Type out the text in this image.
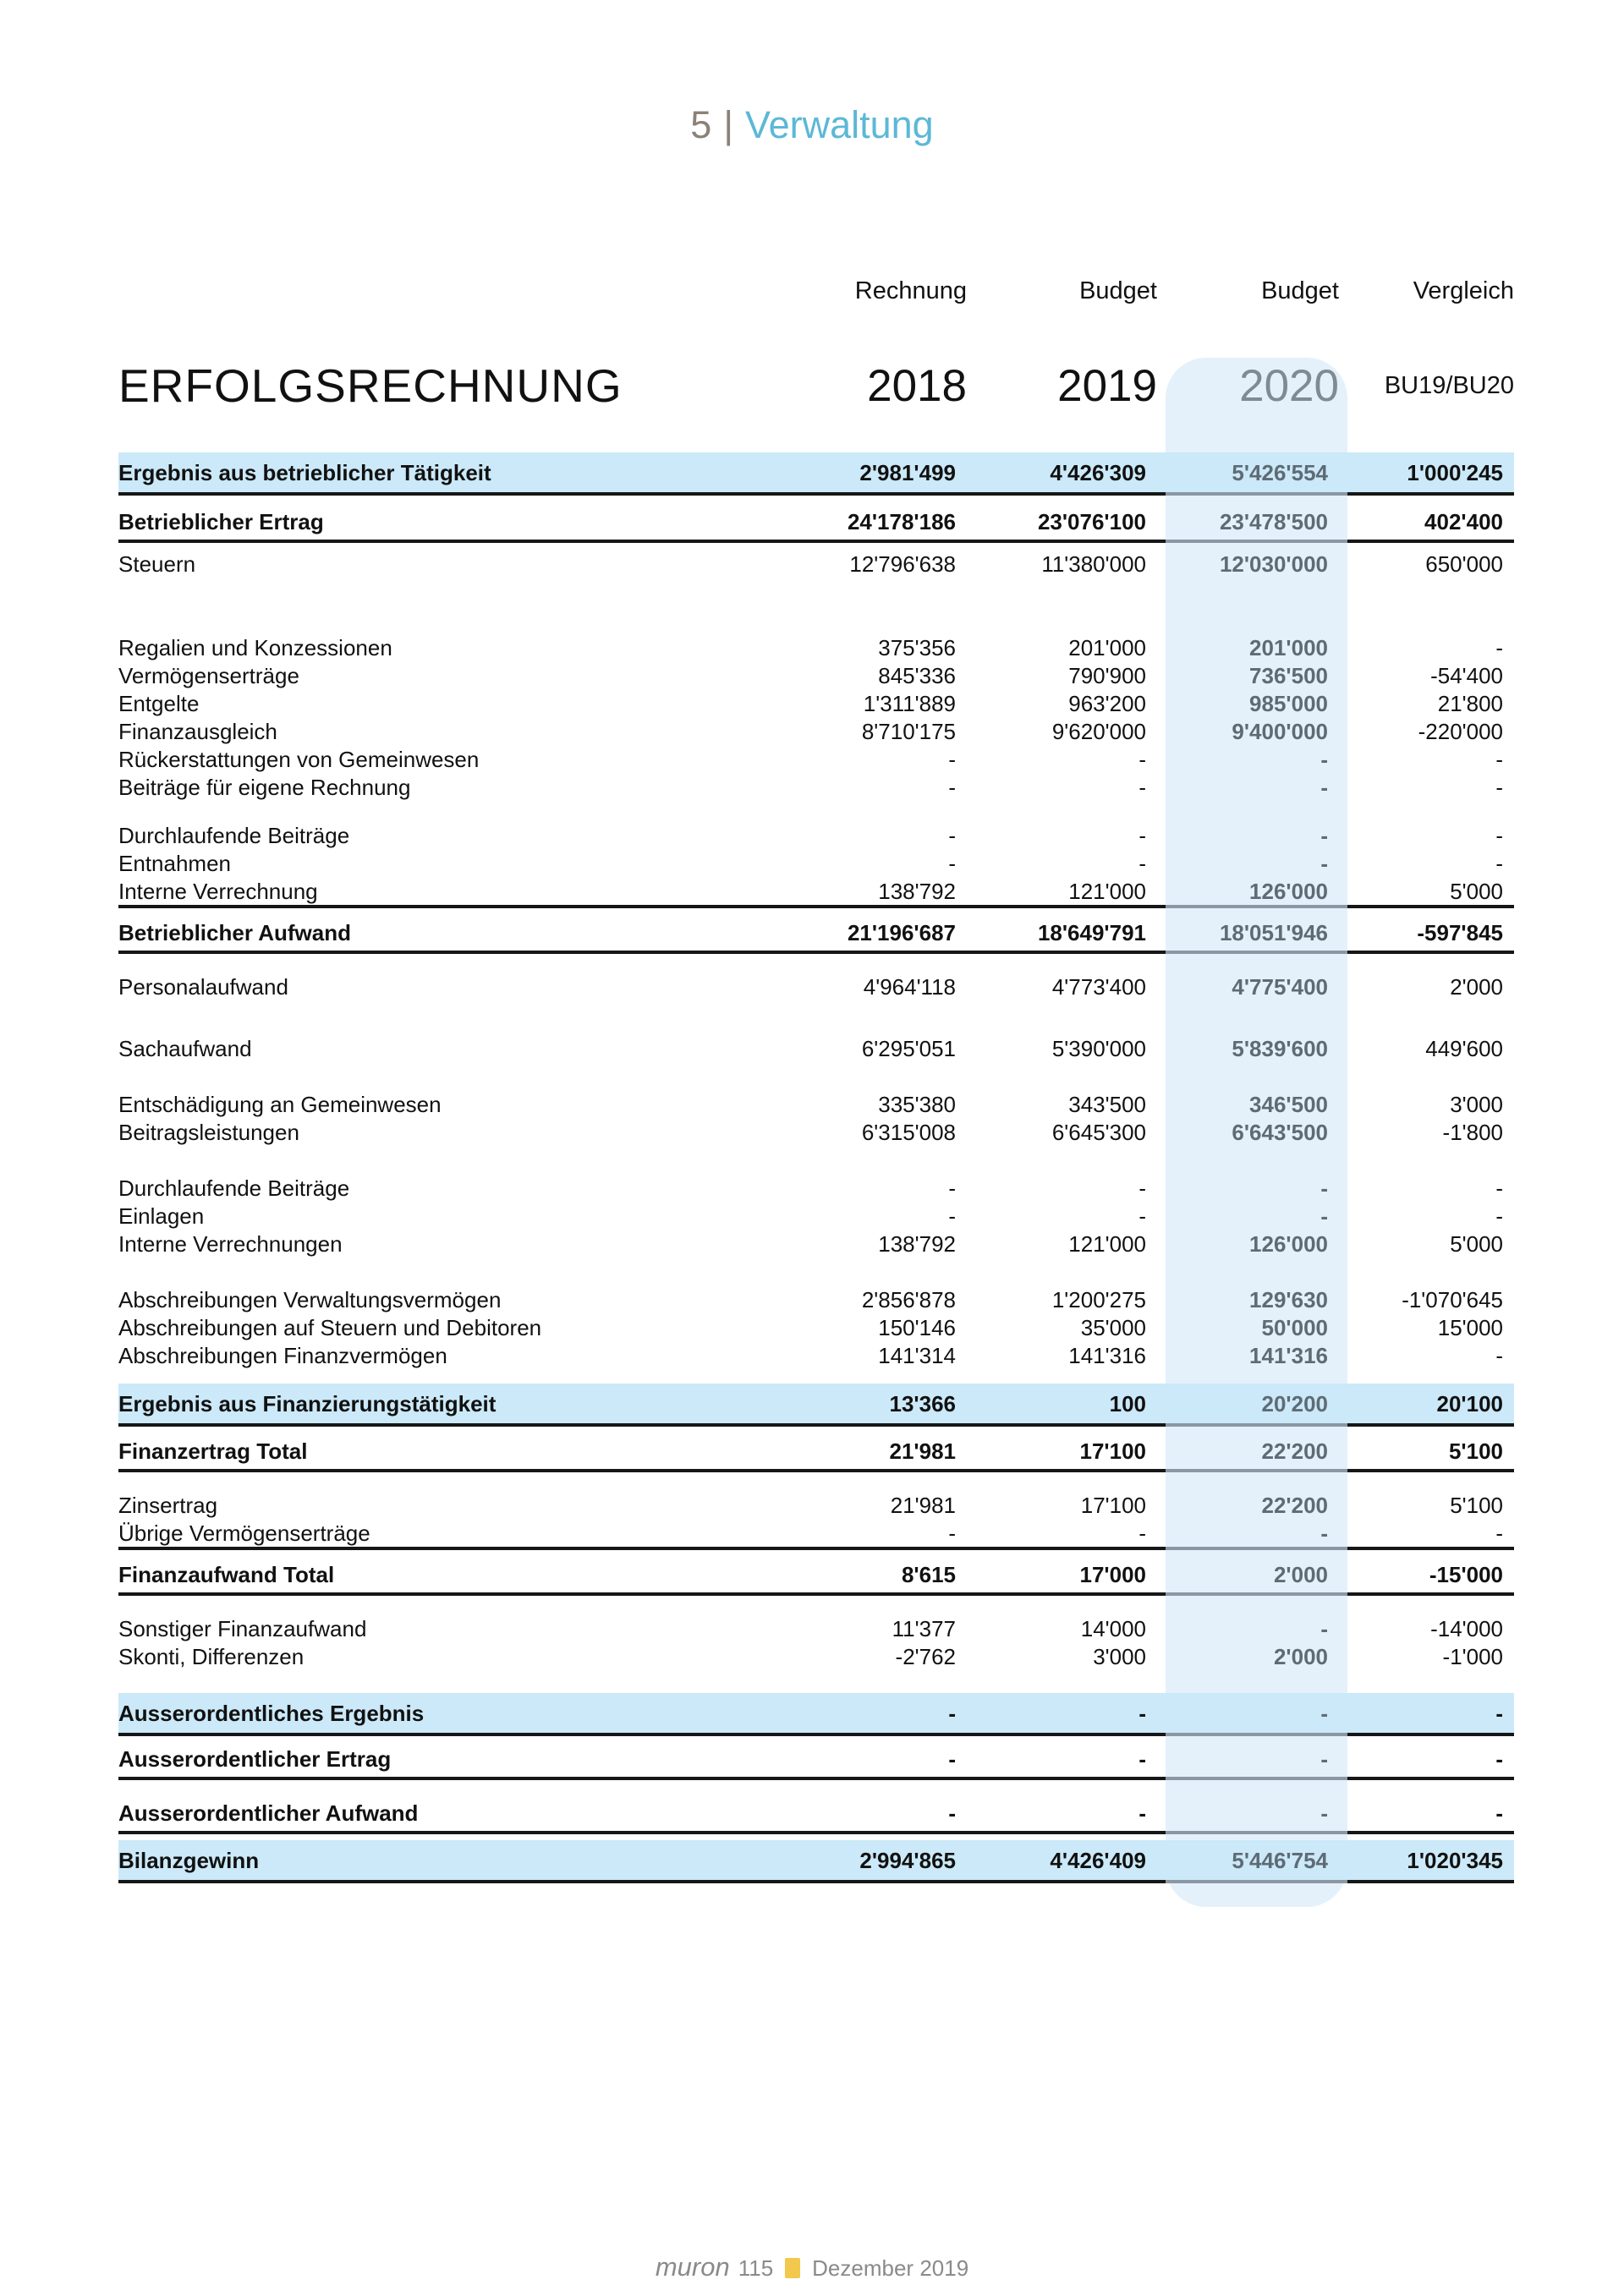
5 | Verwaltung
Rechnung	Budget	Budget	Vergleich
ERFOLGSRECHNUNG	2018	2019	2020	BU19/BU20
Ergebnis aus betrieblicher Tätigkeit	2'981'499	4'426'309	5'426'554	1'000'245
Betrieblicher Ertrag	24'178'186	23'076'100	23'478'500	402'400
Steuern	12'796'638	11'380'000	12'030'000	650'000
Regalien und Konzessionen	375'356	201'000	201'000	-
Vermögenserträge	845'336	790'900	736'500	-54'400
Entgelte	1'311'889	963'200	985'000	21'800
Finanzausgleich	8'710'175	9'620'000	9'400'000	-220'000
Rückerstattungen von Gemeinwesen	-	-	-	-
Beiträge für eigene Rechnung	-	-	-	-
Durchlaufende Beiträge	-	-	-	-
Entnahmen	-	-	-	-
Interne Verrechnung	138'792	121'000	126'000	5'000
Betrieblicher Aufwand	21'196'687	18'649'791	18'051'946	-597'845
Personalaufwand	4'964'118	4'773'400	4'775'400	2'000
Sachaufwand	6'295'051	5'390'000	5'839'600	449'600
Entschädigung an Gemeinwesen	335'380	343'500	346'500	3'000
Beitragsleistungen	6'315'008	6'645'300	6'643'500	-1'800
Durchlaufende Beiträge	-	-	-	-
Einlagen	-	-	-	-
Interne Verrechnungen	138'792	121'000	126'000	5'000
Abschreibungen Verwaltungsvermögen	2'856'878	1'200'275	129'630	-1'070'645
Abschreibungen auf Steuern und Debitoren	150'146	35'000	50'000	15'000
Abschreibungen Finanzvermögen	141'314	141'316	141'316	-
Ergebnis aus Finanzierungstätigkeit	13'366	100	20'200	20'100
Finanzertrag Total	21'981	17'100	22'200	5'100
Zinsertrag	21'981	17'100	22'200	5'100
Übrige Vermögenserträge	-	-	-	-
Finanzaufwand Total	8'615	17'000	2'000	-15'000
Sonstiger Finanzaufwand	11'377	14'000	-	-14'000
Skonti, Differenzen	-2'762	3'000	2'000	-1'000
Ausserordentliches Ergebnis	-	-	-	-
Ausserordentlicher Ertrag	-	-	-	-
Ausserordentlicher Aufwand	-	-	-	-
Bilanzgewinn	2'994'865	4'426'409	5'446'754	1'020'345
muron 115 Dezember 2019
